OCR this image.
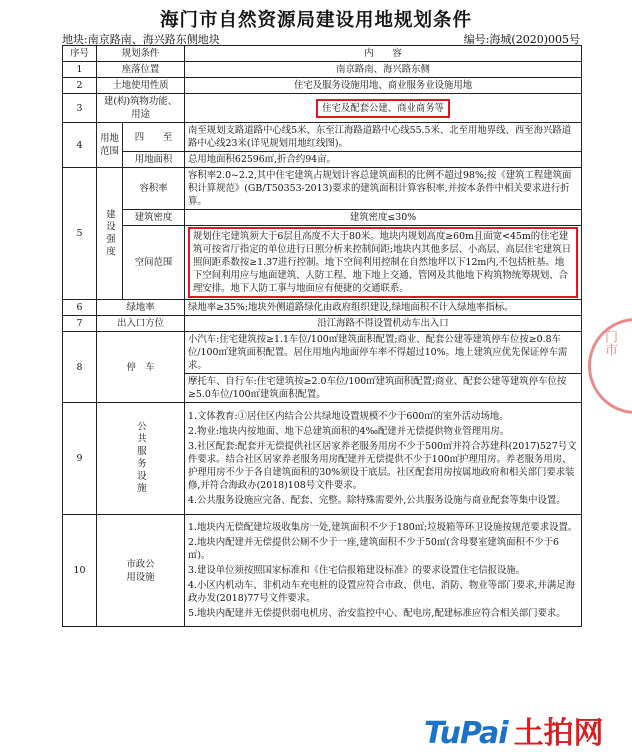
海门市自然资源局建设用地规划条件
地块:南京路南、海兴路东侧地块	编号:海城(2020)005号
序号	规划条件		内　　容
1	座落位置		南京路南、海兴路东侧
2	土地使用性质		住宅及服务设施用地、商业服务业设施用地
3	建(构)筑物功能、用途		住宅及配套公建、商业商务等
4	用地范围	四　　至	南至规划支路道路中心线5米、东至江海路道路中心线55.5米、北至用地界线、西至海兴路道路中心线23米(详见规划用地红线图)。
		用地面积	总用地面积62596㎡,折合约94亩。
5	建设强度	容积率	容积率2.0~2.2,其中住宅建筑占规划计容总建筑面积的比例不超过98%;按《建筑工程建筑面积计算规范》(GB/T50353-2013)要求的建筑面积计算容积率,并按本条件中相关要求进行折算。
		建筑密度	建筑密度≤30%
		空间范围	规划住宅建筑须大于6层且高度不大于80米。地块内规划高度≥60m且面宽<45m的住宅建筑可按省厅指定的单位进行日照分析来控制间距;地块内其他多层、小高层、高层住宅建筑日照间距系数按≥1.37进行控制。地下空间利用控制在自然地坪以下12m内,不包括桩基。地下空间利用应与地面建筑、人防工程、地下地上交通、管网及其他地下构筑物统筹规划、合理安排。地下人防工事与地面应有便捷的交通联系。

6	绿地率		绿地率≥35%;地块外侧道路绿化由政府组织建设,绿地面积不计入绿地率指标。
7	出入口方位		沿江海路不得设置机动车出入口
8	停　车		小汽车:住宅建筑按≥1.1车位/100㎡建筑面积配置;商业、配套公建等建筑停车位按≥0.8车位/100㎡建筑面积配置。居住用地内地面停车率不得超过10%。地上建筑应优先保证停车需求。
			摩托车、自行车:住宅建筑按≥2.0车位/100㎡建筑面积配置;商业、配套公建等建筑停车位按≥5.0车位/100㎡建筑面积配置。
9	公共服务设施		1.文体教育:①居住区内结合公共绿地设置规模不少于600㎡的室外活动场地。

2.物业:地块内按地面、地下总建筑面积的4‰配建并无偿提供物业管理用房。

3.社区配套:配套并无偿提供社区居家养老服务用房不少于500㎡并符合苏建科(2017)527号文件要求。结合社区居家养老服务用房配建并无偿提供不少于100㎡护理用房。养老服务用房、护理用房不少于各自建筑面积的30%须设于底层。社区配套用房按属地政府和相关部门要求装修,并符合海政办(2018)108号文件要求。

4.公共服务设施应完备、配套、完整。除特殊需要外,公共服务设施与商业配套等集中设置。

10	市政公用设施		1.地块内无偿配建垃圾收集房一处,建筑面积不少于180㎡;垃圾箱等环卫设施按规范要求设置。

2.地块内配建并无偿提供公厕不少于一座,建筑面积不少于50㎡(含母婴室建筑面积不少于6㎡)。

3.建设单位须按照国家标准和《住宅信报箱建设标准》的要求设置住宅信报设施。

4.小区内机动车、非机动车充电桩的设置应符合市政、供电、消防、物业等部门要求,并满足海政办发(2018)77号文件要求。

5.地块内配建并无偿提供弱电机房、治安监控中心、配电房,配建标准应符合相关部门要求。

门市
TuPai 土拍网
